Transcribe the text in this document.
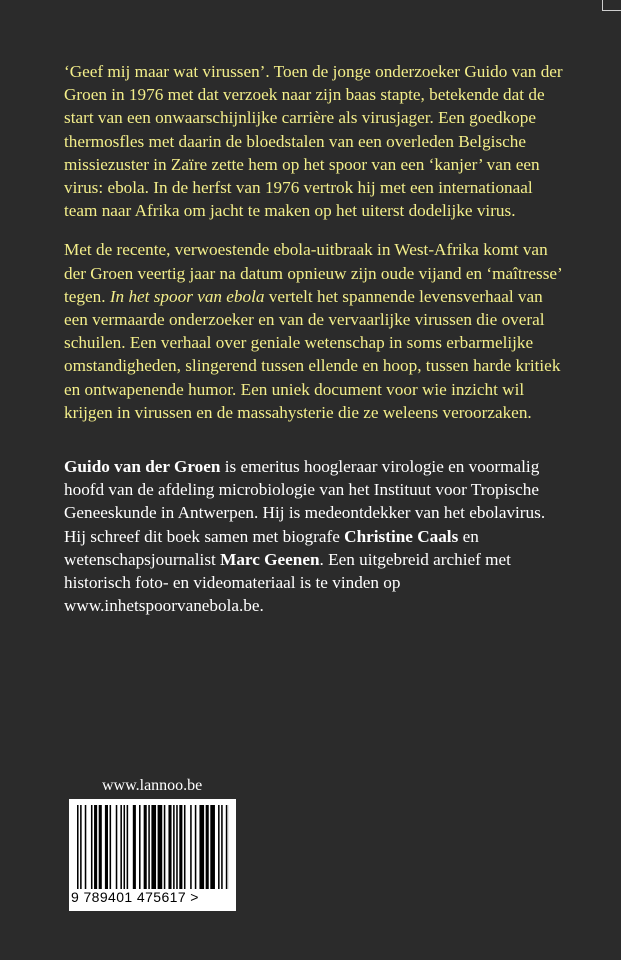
‘Geef mij maar wat virussen’. Toen de jonge onderzoeker Guido van der Groen in 1976 met dat verzoek naar zijn baas stapte, betekende dat de start van een onwaarschijnlijke carrière als virusjager. Een goedkope thermosfles met daarin de bloedstalen van een overleden Belgische missiezuster in Zaïre zette hem op het spoor van een ‘kanjer’ van een virus: ebola. In de herfst van 1976 vertrok hij met een internationaal team naar Afrika om jacht te maken op het uiterst dodelijke virus.

Met de recente, verwoestende ebola-uitbraak in West-Afrika komt van der Groen veertig jaar na datum opnieuw zijn oude vijand en ‘maîtresse’ tegen. In het spoor van ebola vertelt het spannende levensverhaal van een vermaarde onderzoeker en van de vervaarlijke virussen die overal schuilen. Een verhaal over geniale wetenschap in soms erbarmelijke omstandigheden, slingerend tussen ellende en hoop, tussen harde kritiek en ontwapenende humor. Een uniek document voor wie inzicht wil krijgen in virussen en de massahysterie die ze weleens veroorzaken.

Guido van der Groen is emeritus hoogleraar virologie en voormalig hoofd van de afdeling microbiologie van het Instituut voor Tropische Geneeskunde in Antwerpen. Hij is medeontdekker van het ebolavirus. Hij schreef dit boek samen met biografe Christine Caals en wetenschapsjournalist Marc Geenen. Een uitgebreid archief met historisch foto- en videomateriaal is te vinden op www.inhetspoorvanebola.be.

www.lannoo.be
9 789401 475617 >
